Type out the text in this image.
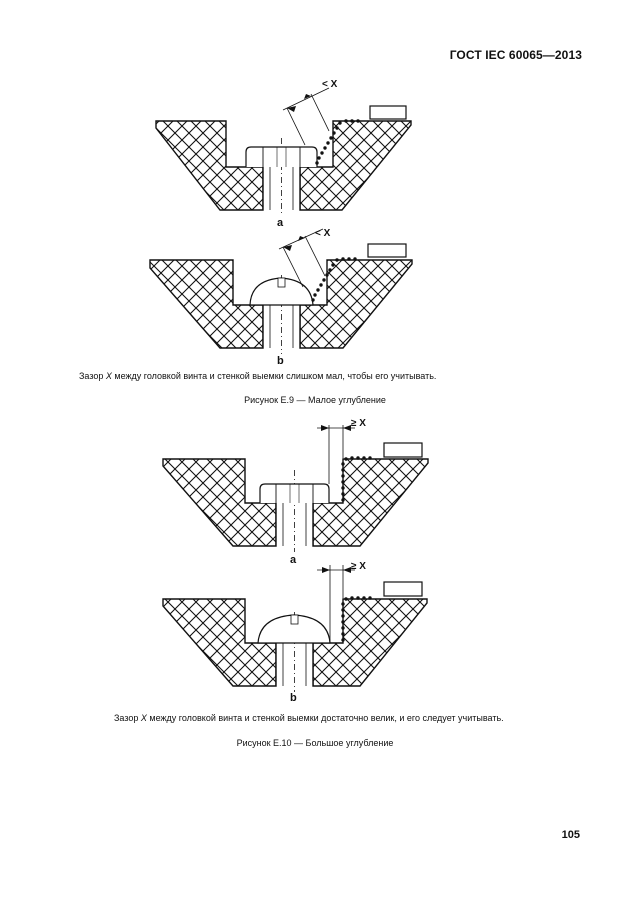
ГОСТ IEC 60065—2013
< X
a
< X
b
≥ X
a
≥ X
b
Зазор X между головкой винта и стенкой выемки слишком мал, чтобы его учитывать.
Рисунок Е.9 — Малое углубление
Зазор X между головкой винта и стенкой выемки достаточно велик, и его следует учитывать.
Рисунок Е.10 — Большое углубление
105
